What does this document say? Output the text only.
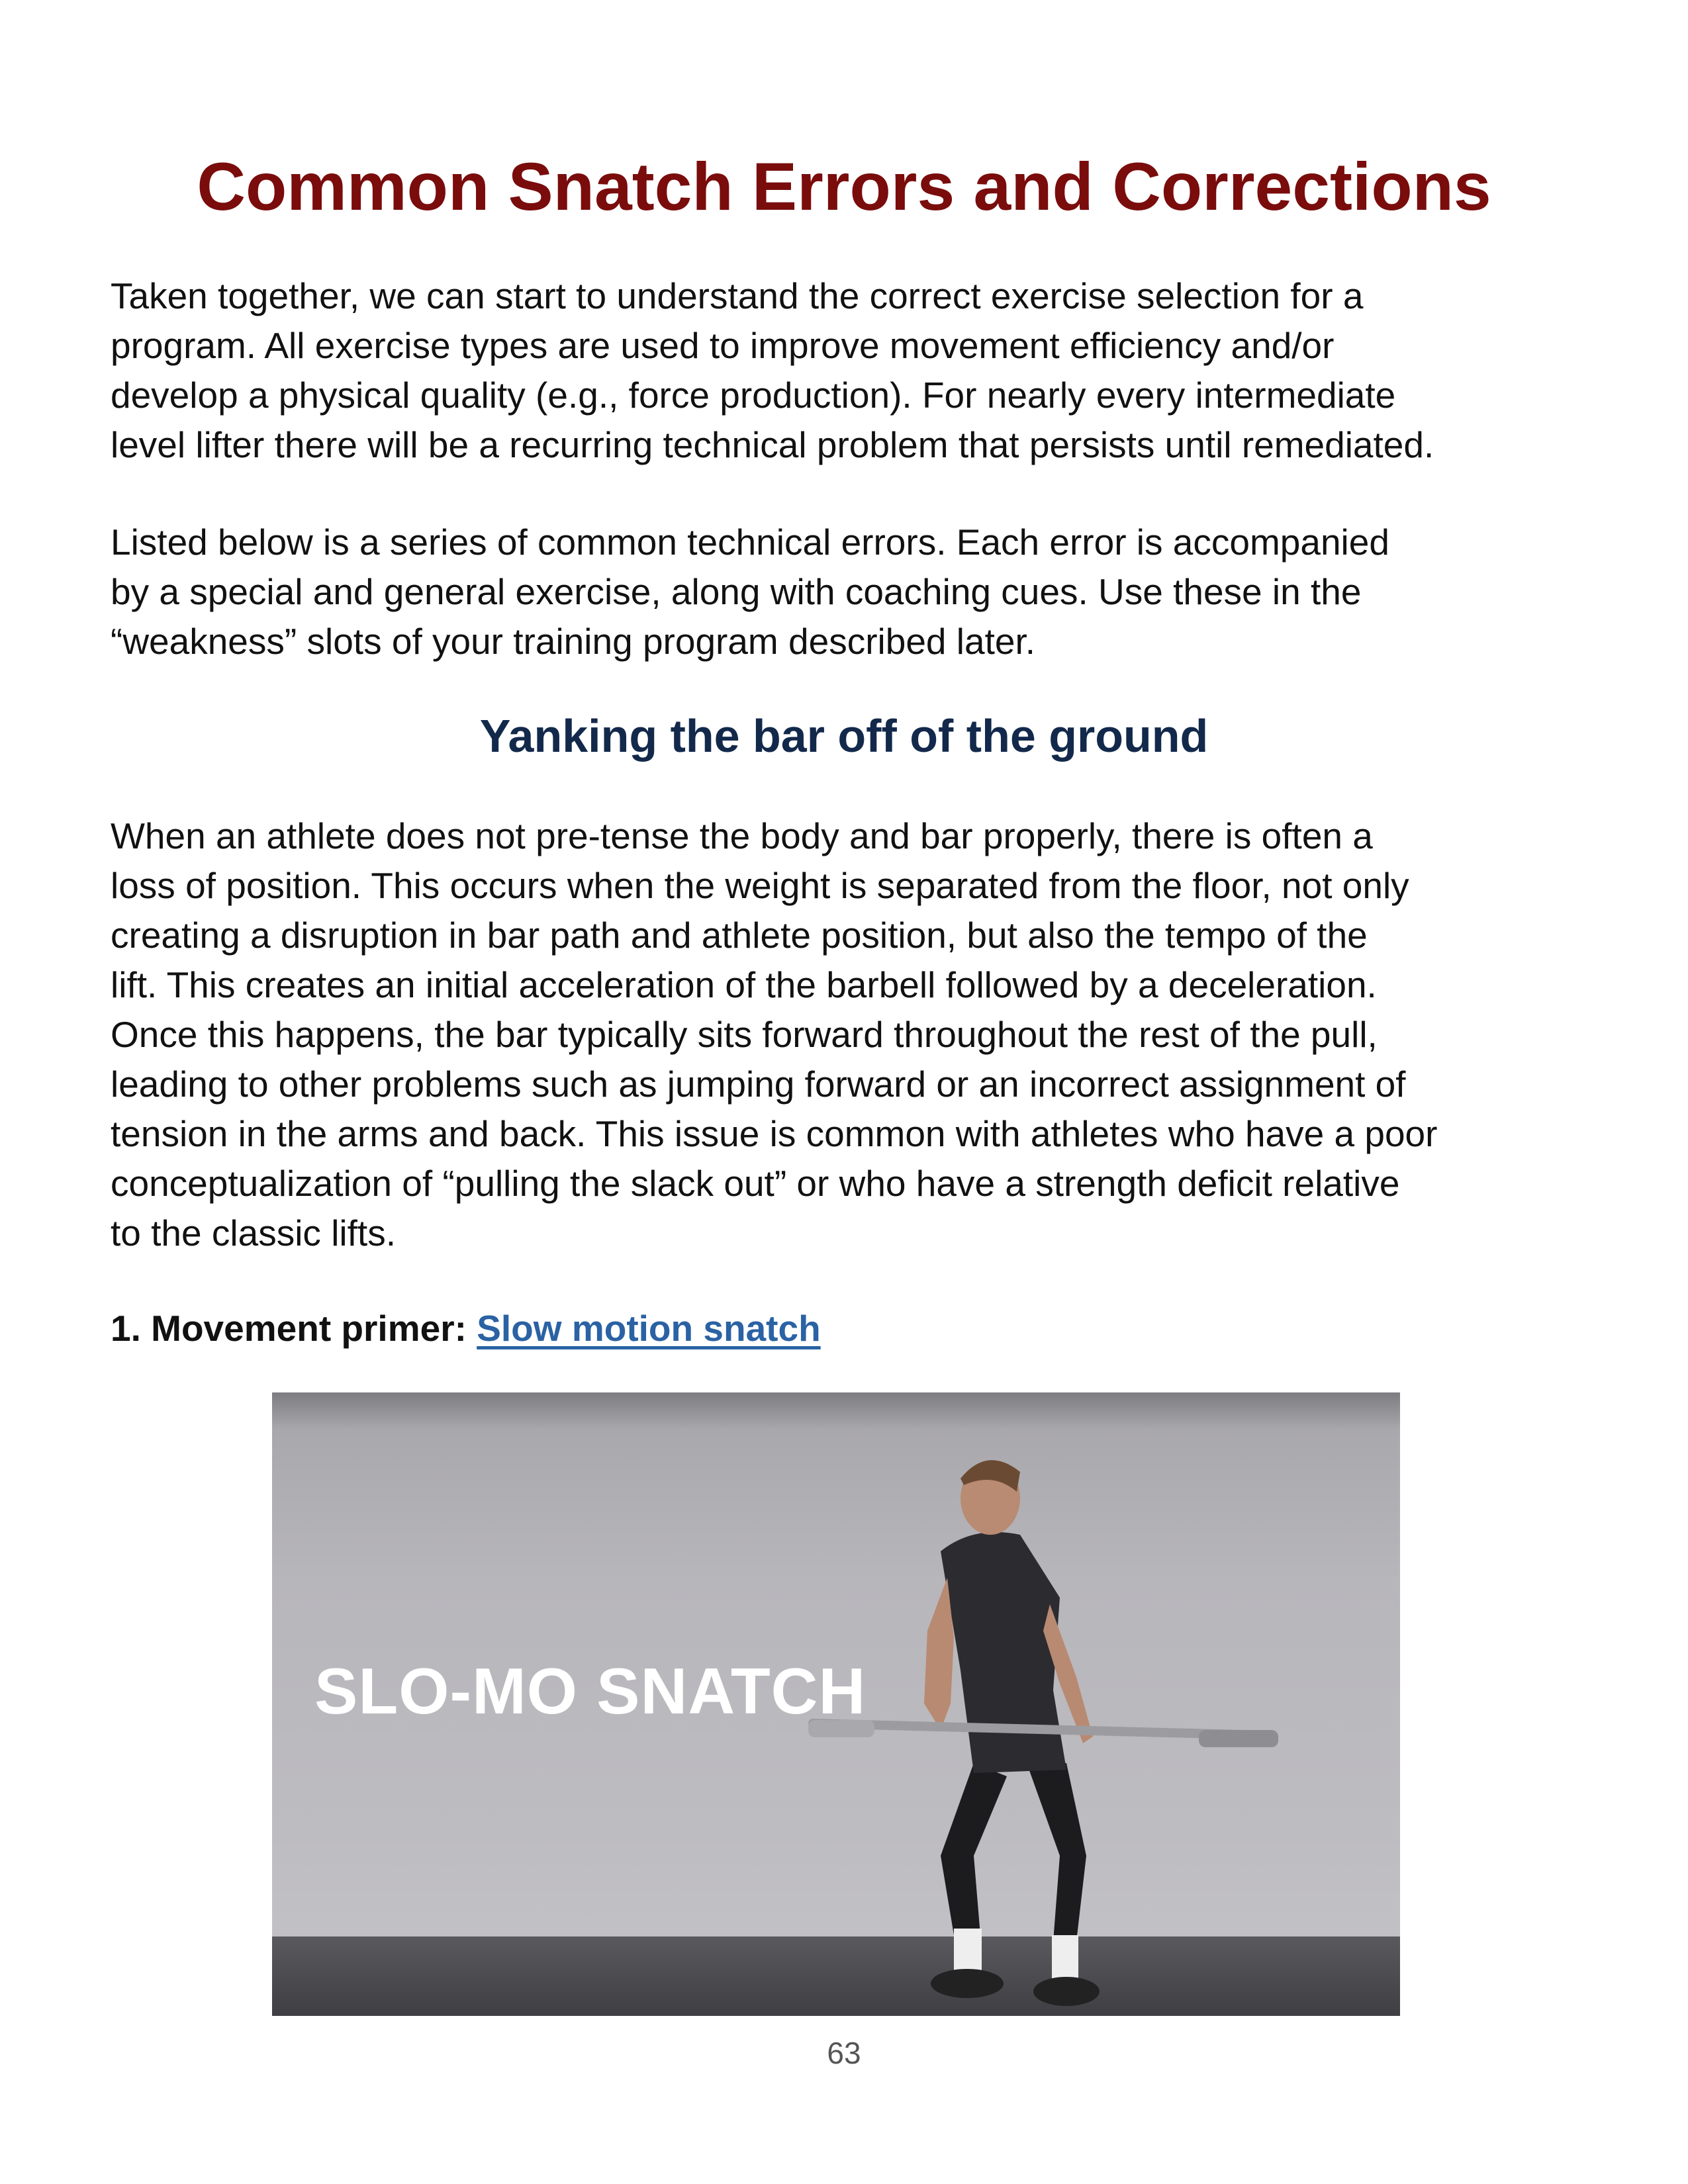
Common Snatch Errors and Corrections
Taken together, we can start to understand the correct exercise selection for a
program. All exercise types are used to improve movement efficiency and/or
develop a physical quality (e.g., force production). For nearly every intermediate
level lifter there will be a recurring technical problem that persists until remediated.
Listed below is a series of common technical errors. Each error is accompanied
by a special and general exercise, along with coaching cues. Use these in the
“weakness” slots of your training program described later.
Yanking the bar off of the ground
When an athlete does not pre-tense the body and bar properly, there is often a
loss of position. This occurs when the weight is separated from the floor, not only
creating a disruption in bar path and athlete position, but also the tempo of the
lift. This creates an initial acceleration of the barbell followed by a deceleration.
Once this happens, the bar typically sits forward throughout the rest of the pull,
leading to other problems such as jumping forward or an incorrect assignment of
tension in the arms and back. This issue is common with athletes who have a poor
conceptualization of “pulling the slack out” or who have a strength deficit relative
to the classic lifts.
1. Movement primer: Slow motion snatch
SLO-MO SNATCH
63
